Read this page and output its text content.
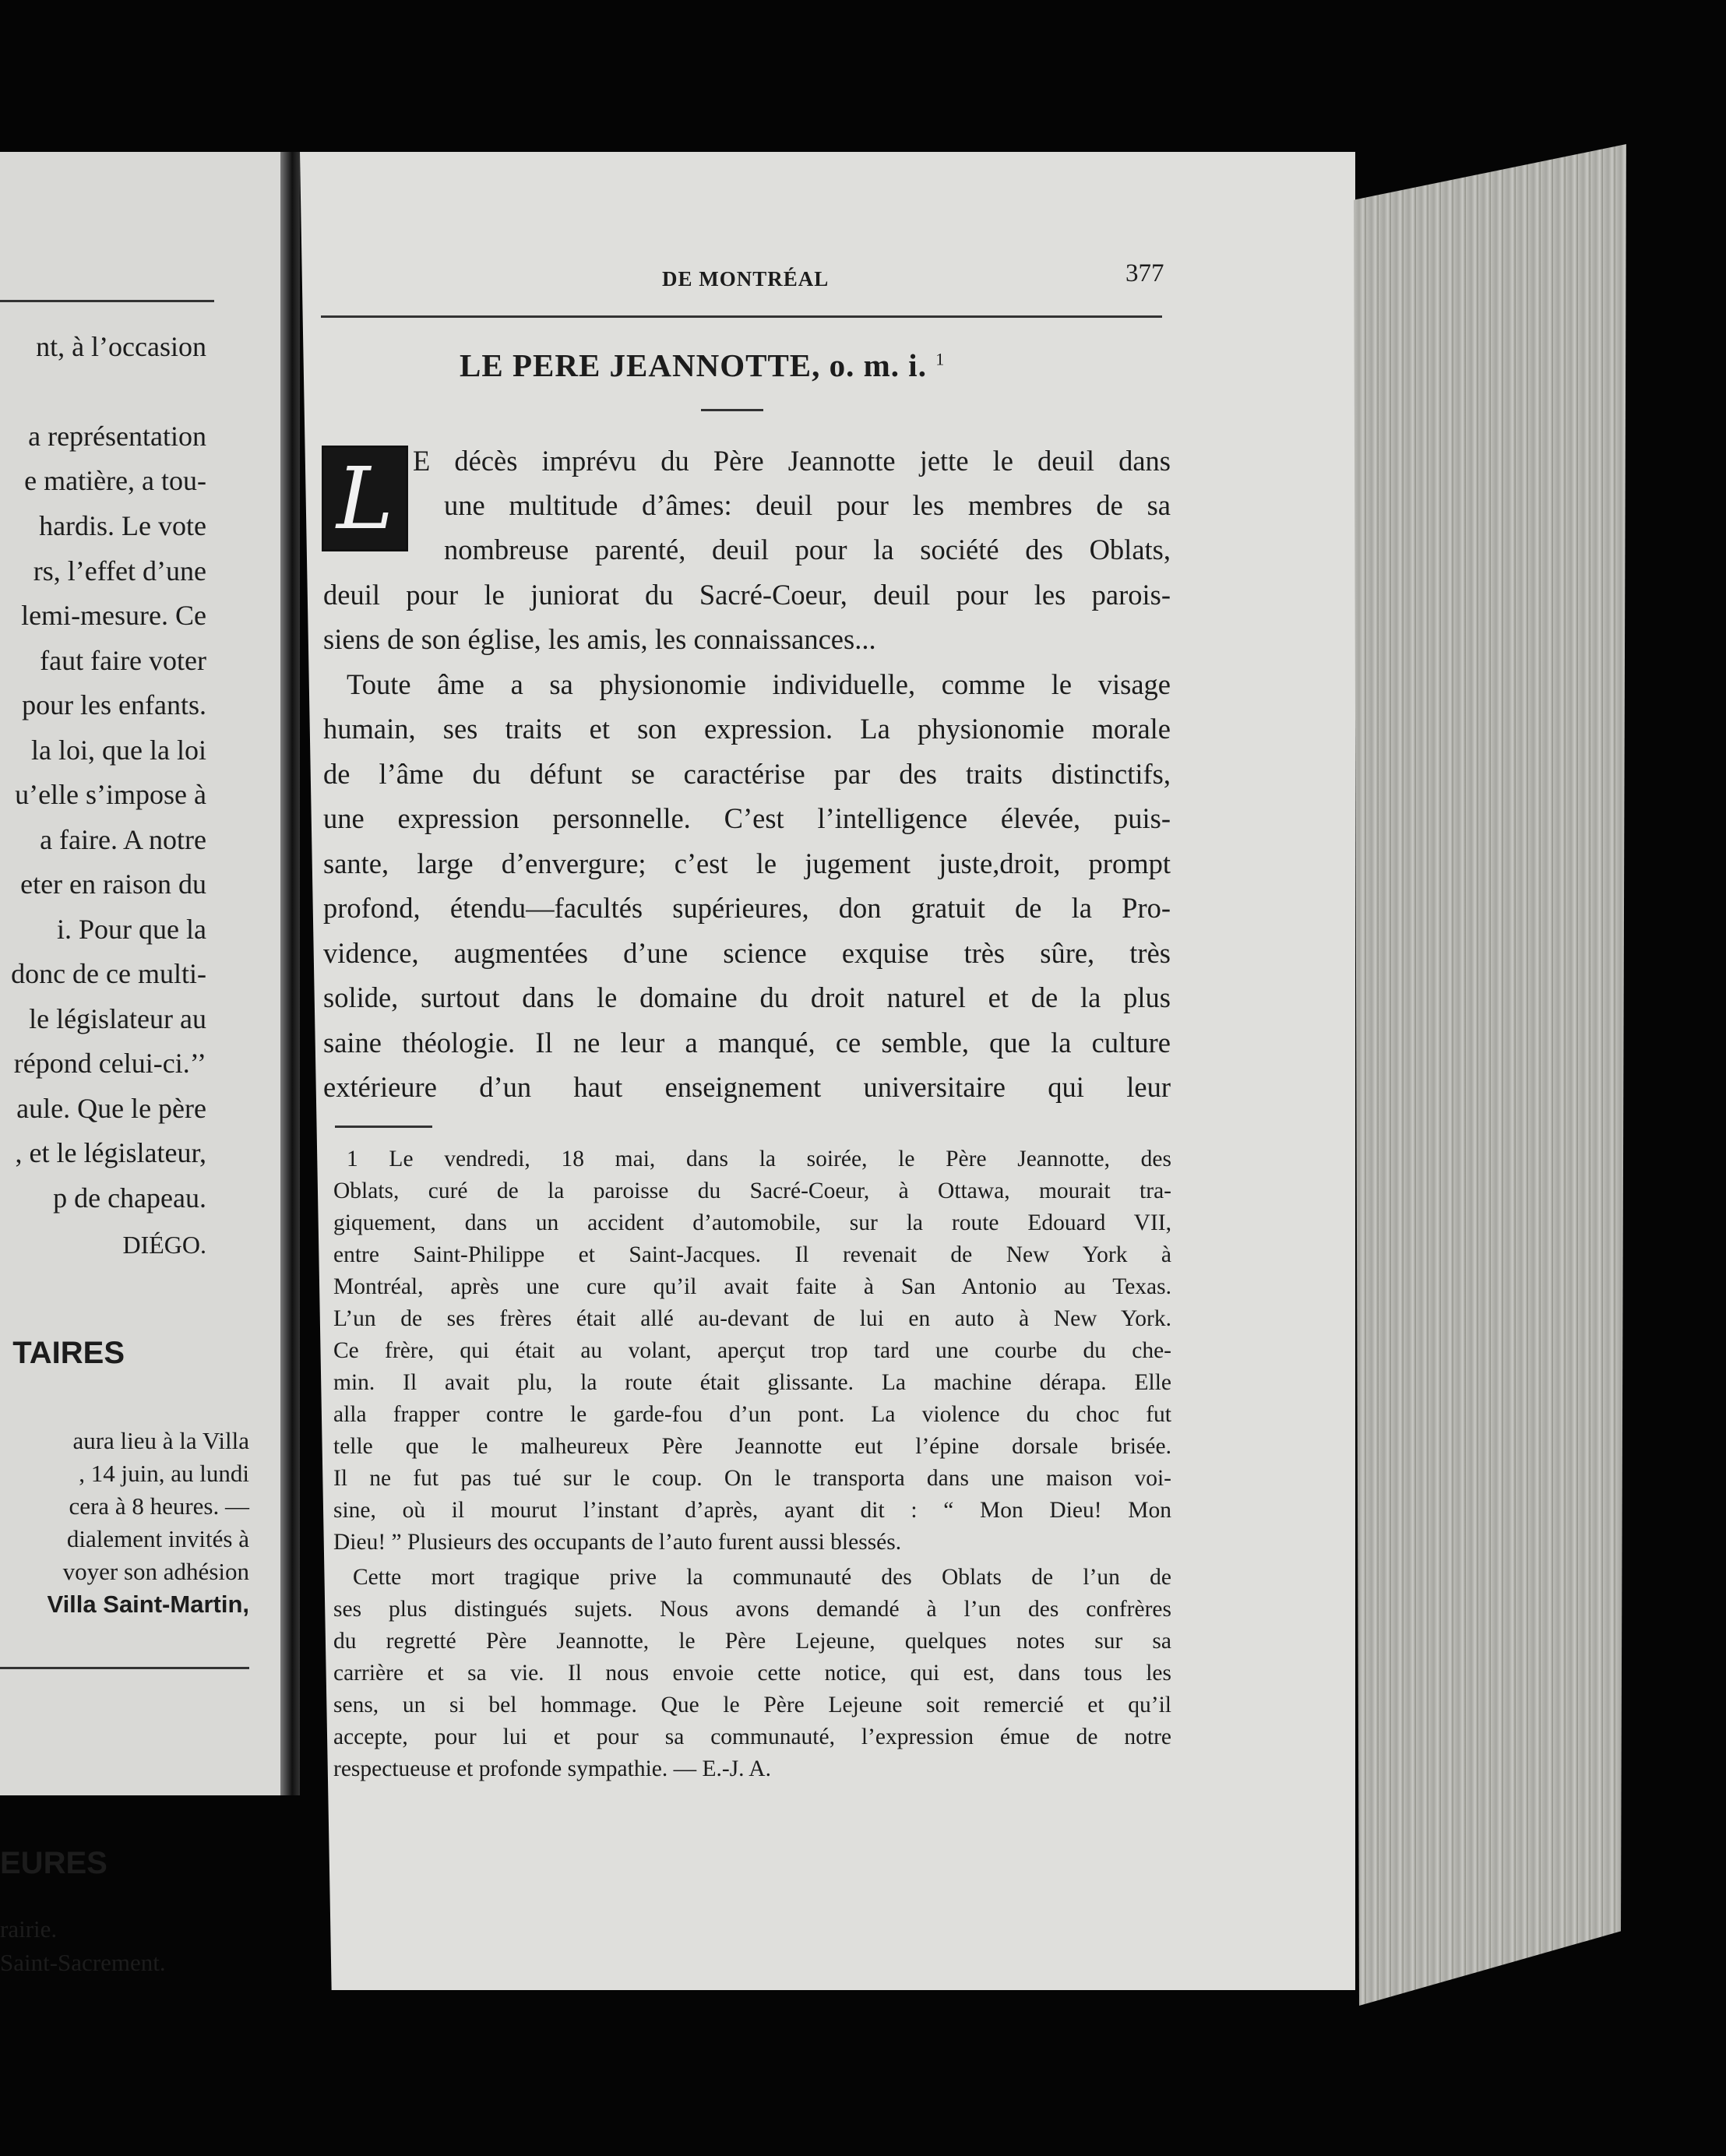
nt, à l’occasion
a représentation
e matière, a tou-
hardis. Le vote
rs, l’effet d’une
lemi-mesure. Ce
faut faire voter
pour les enfants.
la loi, que la loi
u’elle s’impose à
a faire. A notre
eter en raison du
i. Pour que la
donc de ce multi-
le législateur au
répond celui-ci.’’
aule. Que le père
, et le législateur,
p de chapeau.
DIÉGO.
TAIRES
aura lieu à la Villa
, 14 juin, au lundi
cera à 8 heures. —
dialement invités à
voyer son adhésion
Villa Saint-Martin,
EURES
rairie.
Saint-Sacrement.
DE MONTRÉAL	377
LE PERE JEANNOTTE, o. m. i. $^1$
L E décès imprévu du Père Jeannotte jette le deuil dans
une multitude d’âmes: deuil pour les membres de sa
nombreuse parenté, deuil pour la société des Oblats,
deuil pour le juniorat du Sacré-Coeur, deuil pour les parois-
siens de son église, les amis, les connaissances...
Toute âme a sa physionomie individuelle, comme le visage
humain, ses traits et son expression. La physionomie morale
de l’âme du défunt se caractérise par des traits distinctifs,
une expression personnelle. C’est l’intelligence élevée, puis-
sante, large d’envergure; c’est le jugement juste,droit, prompt
profond, étendu—facultés supérieures, don gratuit de la Pro-
vidence, augmentées d’une science exquise très sûre, très
solide, surtout dans le domaine du droit naturel et de la plus
saine théologie. Il ne leur a manqué, ce semble, que la culture
extérieure d’un haut enseignement universitaire qui leur
1 Le vendredi, 18 mai, dans la soirée, le Père Jeannotte, des
Oblats, curé de la paroisse du Sacré-Coeur, à Ottawa, mourait tra-
giquement, dans un accident d’automobile, sur la route Edouard VII,
entre Saint-Philippe et Saint-Jacques. Il revenait de New York à
Montréal, après une cure qu’il avait faite à San Antonio au Texas.
L’un de ses frères était allé au-devant de lui en auto à New York.
Ce frère, qui était au volant, aperçut trop tard une courbe du che-
min. Il avait plu, la route était glissante. La machine dérapa. Elle
alla frapper contre le garde-fou d’un pont. La violence du choc fut
telle que le malheureux Père Jeannotte eut l’épine dorsale brisée.
Il ne fut pas tué sur le coup. On le transporta dans une maison voi-
sine, où il mourut l’instant d’après, ayant dit : “ Mon Dieu! Mon
Dieu! ” Plusieurs des occupants de l’auto furent aussi blessés.
Cette mort tragique prive la communauté des Oblats de l’un de
ses plus distingués sujets. Nous avons demandé à l’un des confrères
du regretté Père Jeannotte, le Père Lejeune, quelques notes sur sa
carrière et sa vie. Il nous envoie cette notice, qui est, dans tous les
sens, un si bel hommage. Que le Père Lejeune soit remercié et qu’il
accepte, pour lui et pour sa communauté, l’expression émue de notre
respectueuse et profonde sympathie. — E.-J. A.
